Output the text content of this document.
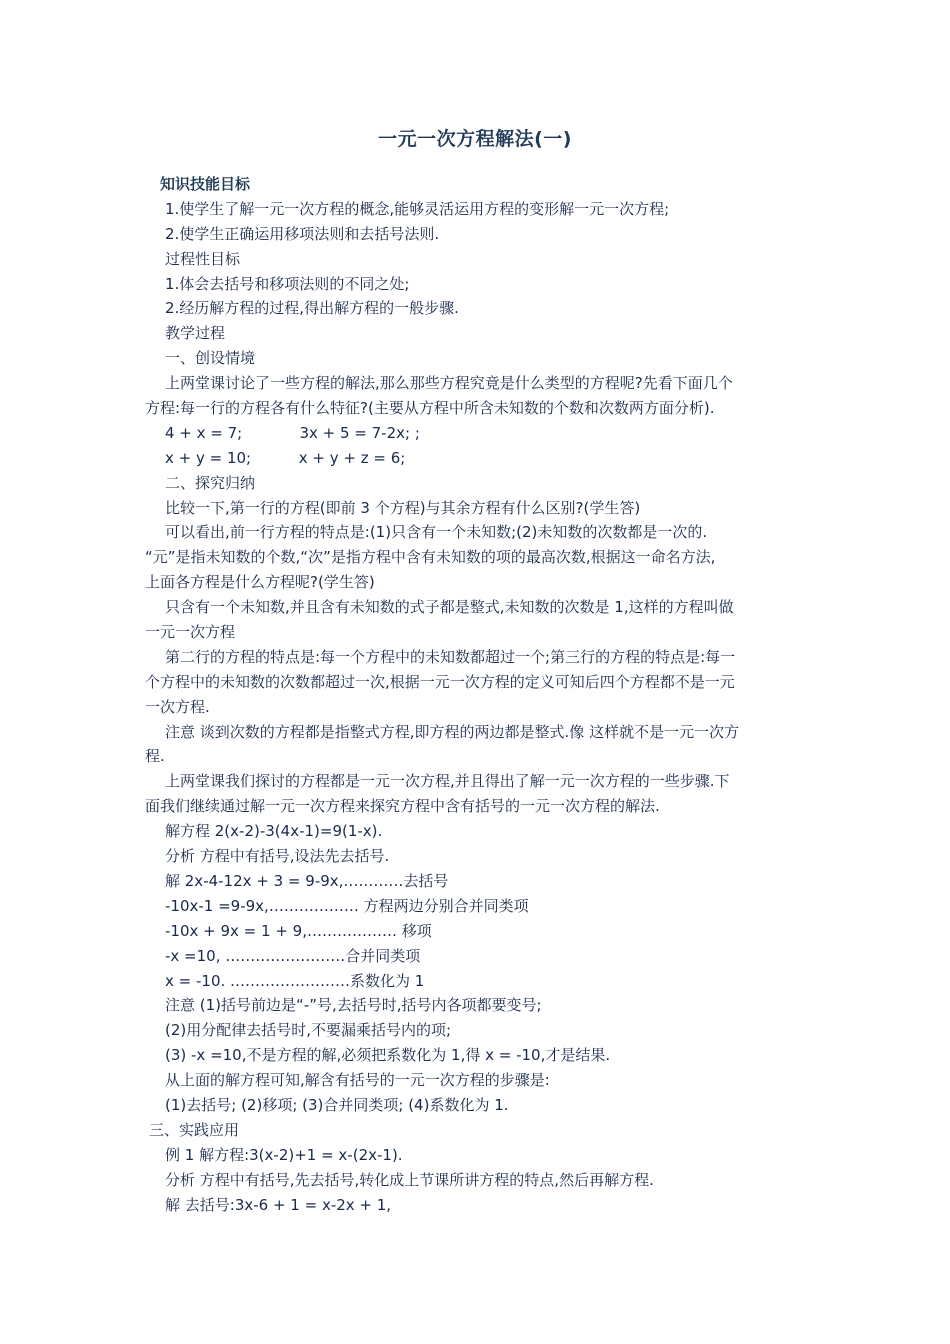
一元一次方程解法(一)
知识技能目标
1.使学生了解一元一次方程的概念,能够灵活运用方程的变形解一元一次方程;
2.使学生正确运用移项法则和去括号法则.
过程性目标
1.体会去括号和移项法则的不同之处;
2.经历解方程的过程,得出解方程的一般步骤.
教学过程
一、创设情境
上两堂课讨论了一些方程的解法,那么那些方程究竟是什么类型的方程呢?先看下面几个
方程:每一行的方程各有什么特征?(主要从方程中所含未知数的个数和次数两方面分析).
4 + x = 7;            3x + 5 = 7-2x; ;
x + y = 10;          x + y + z = 6;
二、探究归纳
比较一下,第一行的方程(即前 3 个方程)与其余方程有什么区别?(学生答)
可以看出,前一行方程的特点是:(1)只含有一个未知数;(2)未知数的次数都是一次的.
“元”是指未知数的个数,“次”是指方程中含有未知数的项的最高次数,根据这一命名方法,
上面各方程是什么方程呢?(学生答)
只含有一个未知数,并且含有未知数的式子都是整式,未知数的次数是 1,这样的方程叫做
一元一次方程
第二行的方程的特点是:每一个方程中的未知数都超过一个;第三行的方程的特点是:每一
个方程中的未知数的次数都超过一次,根据一元一次方程的定义可知后四个方程都不是一元
一次方程.
注意 谈到次数的方程都是指整式方程,即方程的两边都是整式.像 这样就不是一元一次方
程.
上两堂课我们探讨的方程都是一元一次方程,并且得出了解一元一次方程的一些步骤.下
面我们继续通过解一元一次方程来探究方程中含有括号的一元一次方程的解法.
解方程 2(x-2)-3(4x-1)=9(1-x).
分析 方程中有括号,设法先去括号.
解 2x-4-12x + 3 = 9-9x,…………去括号
-10x-1 =9-9x,……………… 方程两边分别合并同类项
-10x + 9x = 1 + 9,……………… 移项
-x =10, ……………………合并同类项
x = -10. ……………………系数化为 1
注意 (1)括号前边是“-”号,去括号时,括号内各项都要变号;
(2)用分配律去括号时,不要漏乘括号内的项;
(3) -x =10,不是方程的解,必须把系数化为 1,得 x = -10,才是结果.
从上面的解方程可知,解含有括号的一元一次方程的步骤是:
(1)去括号; (2)移项; (3)合并同类项; (4)系数化为 1.
三、实践应用
例 1 解方程:3(x-2)+1 = x-(2x-1).
分析 方程中有括号,先去括号,转化成上节课所讲方程的特点,然后再解方程.
解 去括号:3x-6 + 1 = x-2x + 1,
